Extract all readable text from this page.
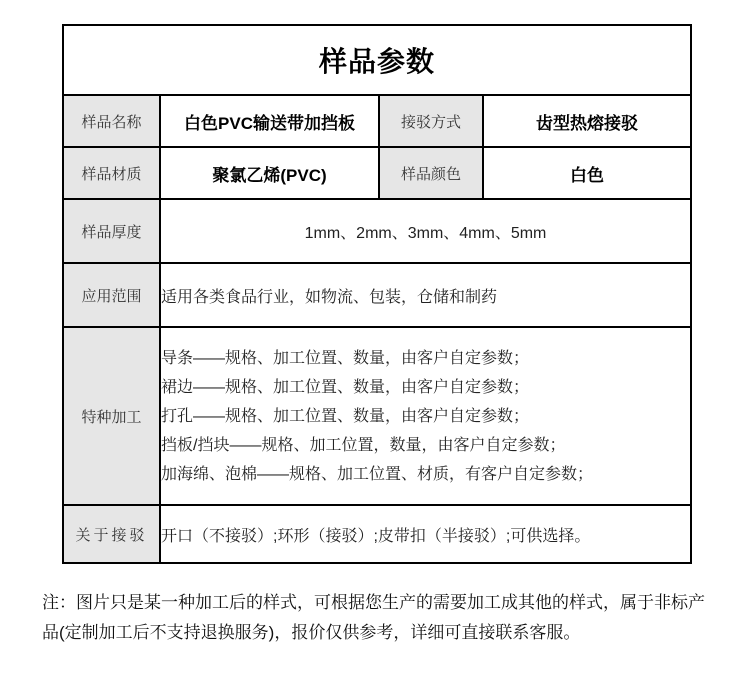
样品参数			
样品名称	白色PVC输送带加挡板	接驳方式	齿型热熔接驳
样品材质	聚氯乙烯(PVC)	样品颜色	白色
样品厚度	1mm、2mm、3mm、4mm、5mm		
应用范围	适用各类食品行业，如物流、包装，仓储和制药		
特种加工	导条——规格、加工位置、数量，由客户自定参数；
裙边——规格、加工位置、数量，由客户自定参数；
打孔——规格、加工位置、数量，由客户自定参数；
挡板/挡块——规格、加工位置，数量，由客户自定参数；
加海绵、泡棉——规格、加工位置、材质，有客户自定参数；		

关于接驳	开口（不接驳）;环形（接驳）;皮带扣（半接驳）;可供选择。		
注：图片只是某一种加工后的样式，可根据您生产的需要加工成其他的样式，属于非标产品(定制加工后不支持退换服务)，报价仅供参考，详细可直接联系客服。
